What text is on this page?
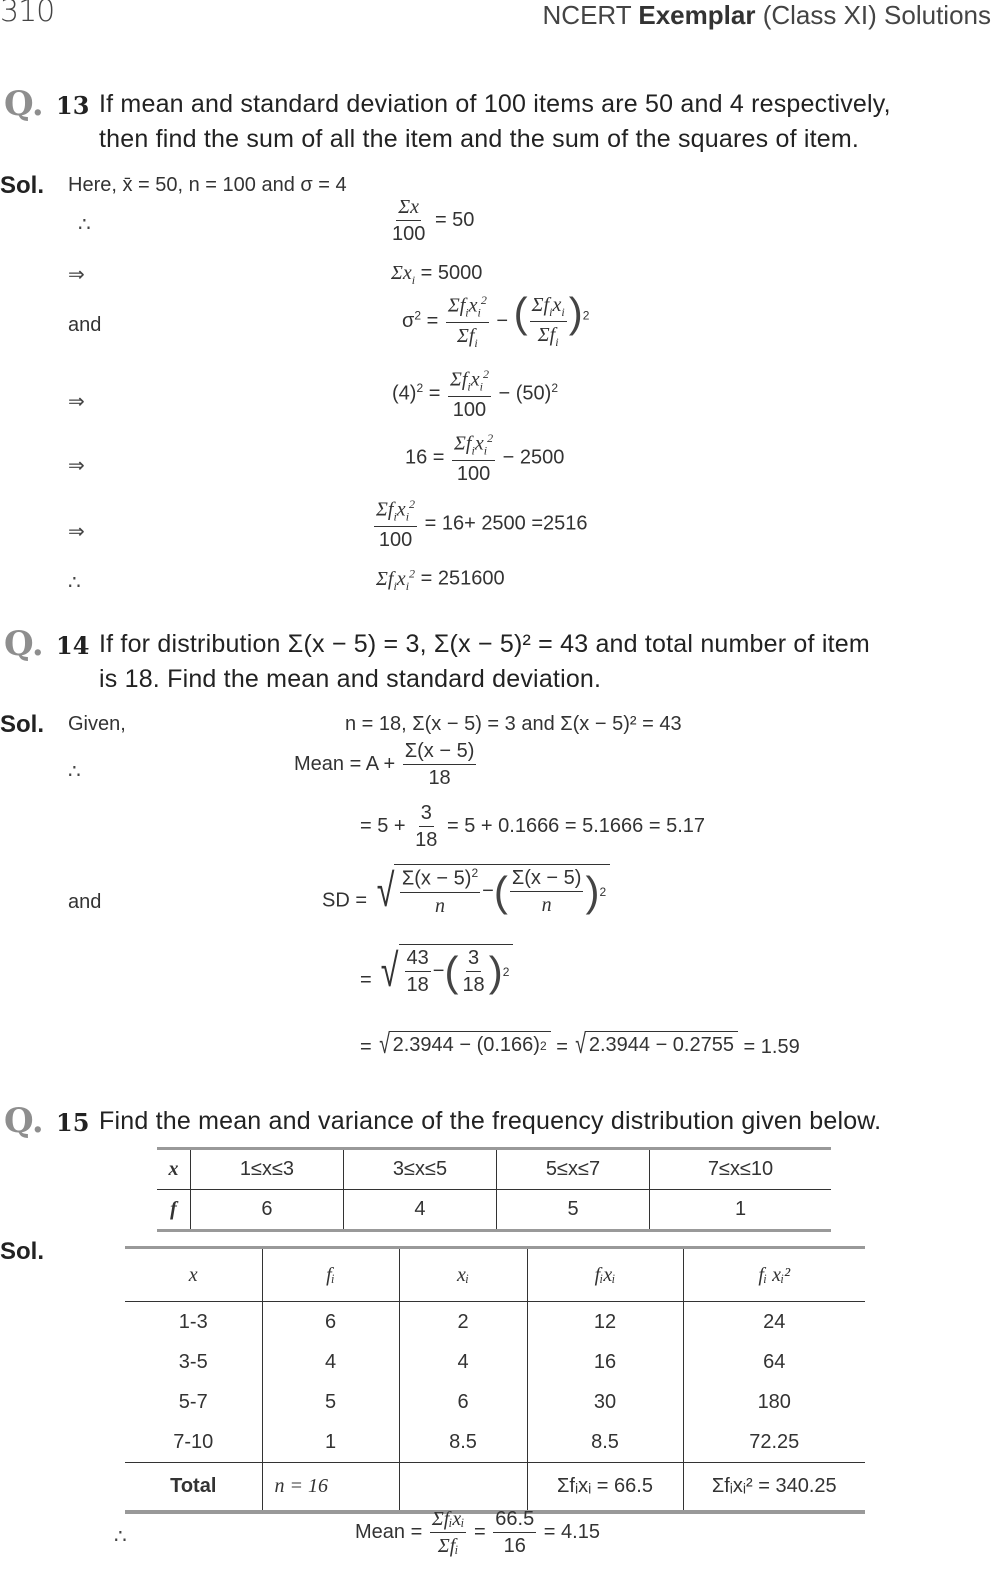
310	NCERT Exemplar (Class XI) Solutions
Q. 13 If mean and standard deviation of 100 items are 50 and 4 respectively,
then find the sum of all the item and the sum of the squares of item.
Sol. Here, x̄ = 50, n = 100 and σ = 4
∴	$\frac{\Sigma x}{100} = 50$
⇒	$\Sigma x_i = 5000$
and	$\sigma^2 = \frac{\Sigma f_ix_i^2}{\Sigma f_i}$ − ( $\frac{\Sigma f_ix_i}{\Sigma f_i} )^2$
⇒	$(4)^2 = \frac{\Sigma f_ix_i^2}{100} - (50)^2$
⇒	$16 = \frac{\Sigma f_ix_i^2}{100} - 2500$
⇒	$\frac{\Sigma f_ix_i^2}{100} = 16+ 2500 =2516$
∴	$\Sigma f_ix_i^2 = 251600$
Q. 14 If for distribution Σ(x − 5) = 3, Σ(x − 5)² = 43 and total number of item
is 18. Find the mean and standard deviation.
Sol. Given,	n = 18, Σ(x − 5) = 3 and Σ(x − 5)² = 43
∴	Mean = $A + \frac{\Sigma(x - 5)}{18}$
= $5 + \frac{3}{18} = 5 + 0.1666 = 5.1666 = 5.17$
and	SD = √ $\frac{\Sigma(x - 5)^2}{n}$ − ( $\frac{\Sigma(x - 5)}{n}$ ) 2
= √ $\frac{43}{18}$ − ( $\frac{3}{18}$ ) 2
= √ 2.3944 − (0.166) 2 = √ 2.3944 − 0.2755 = 1.59
Q. 15 Find the mean and variance of the frequency distribution given below.
x	1≤x≤3	3≤x≤5	5≤x≤7	7≤x≤10
f	6	4	5	1
Sol.
x	fᵢ	xᵢ	fᵢxᵢ	fᵢ xᵢ²
1-3	6	2	12	24
3-5	4	4	16	64
5-7	5	6	30	180
7-10	1	8.5	8.5	72.25
Total	n = 16		Σfᵢxᵢ = 66.5	Σfᵢxᵢ² = 340.25
∴	Mean = $\frac{\text{Σfᵢxᵢ}}{\text{Σfᵢ}} = \frac{66.5}{16} = 4.15$
